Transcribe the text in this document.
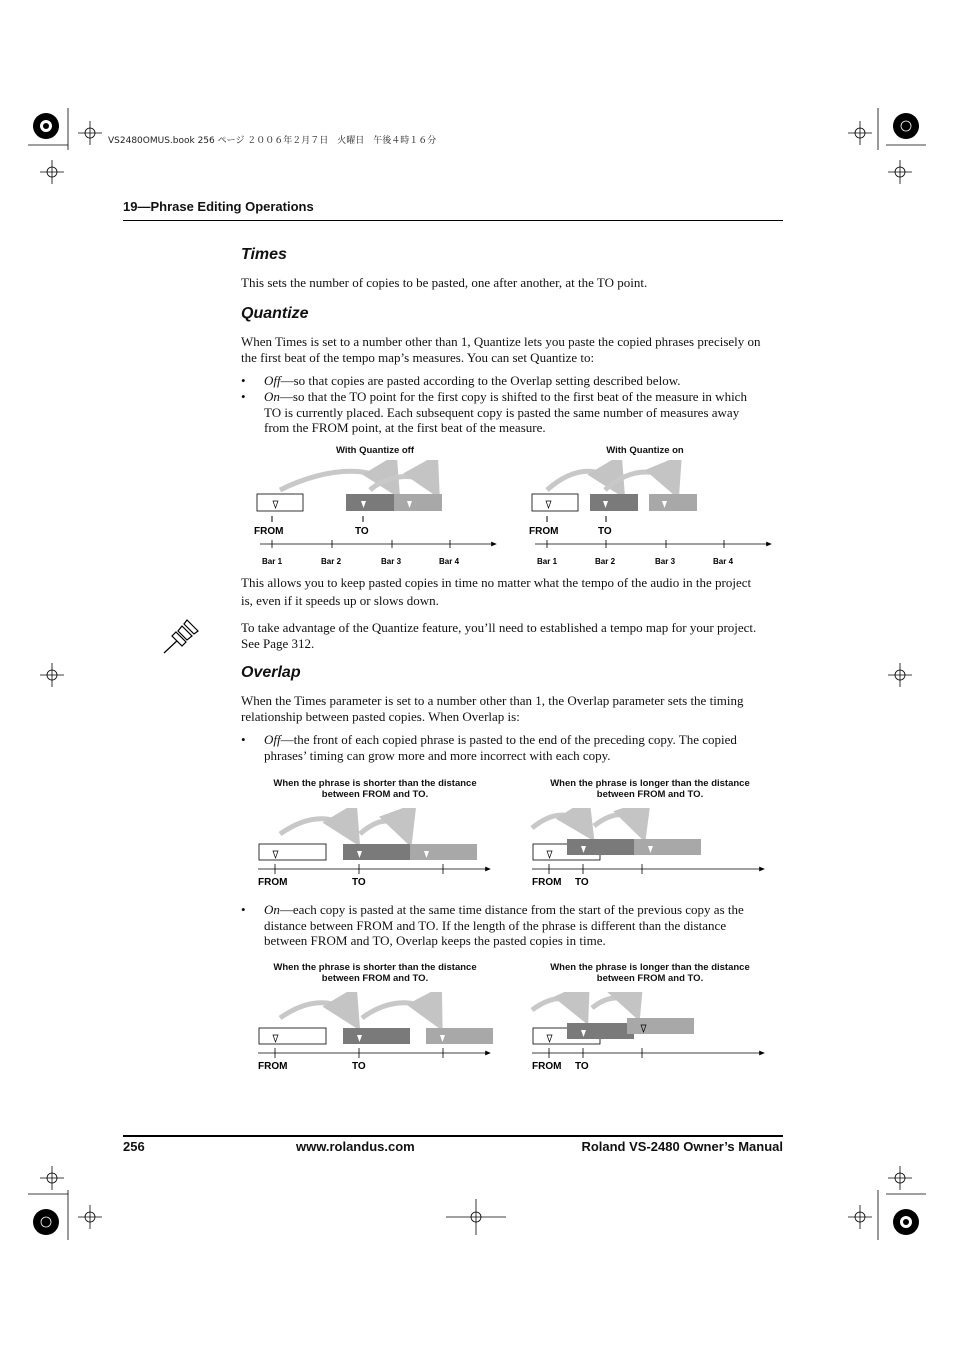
VS2480OMUS.book 256 ページ ２００６年２月７日　火曜日　午後４時１６分
19—Phrase Editing Operations
Times
This sets the number of copies to be pasted, one after another, at the TO point.
Quantize
When Times is set to a number other than 1, Quantize lets you paste the copied phrases precisely on the first beat of the tempo map’s measures. You can set Quantize to:
• Off—so that copies are pasted according to the Overlap setting described below.
• On—so that the TO point for the first copy is shifted to the first beat of the measure in which TO is currently placed. Each subsequent copy is pasted the same number of measures away from the FROM point, at the first beat of the measure.
With Quantize off	With Quantize on
FROM	TO
Bar 1	Bar 2	Bar 3	Bar 4
FROM	TO
Bar 1	Bar 2	Bar 3	Bar 4
This allows you to keep pasted copies in time no matter what the tempo of the audio in the project is, even if it speeds up or slows down.
To take advantage of the Quantize feature, you’ll need to established a tempo map for your project. See Page 312.
Overlap
When the Times parameter is set to a number other than 1, the Overlap parameter sets the timing relationship between pasted copies. When Overlap is:
• Off—the front of each copied phrase is pasted to the end of the preceding copy. The copied phrases’ timing can grow more and more incorrect with each copy.
When the phrase is shorter than the distance between FROM and TO.
When the phrase is longer than the distance between FROM and TO.
FROM	TO	FROM TO
• On—each copy is pasted at the same time distance from the start of the previous copy as the distance between FROM and TO. If the length of the phrase is different than the distance between FROM and TO, Overlap keeps the pasted copies in time.
When the phrase is shorter than the distance between FROM and TO.
When the phrase is longer than the distance between FROM and TO.
FROM	TO	FROM TO
256	www.rolandus.com	Roland VS-2480 Owner’s Manual
